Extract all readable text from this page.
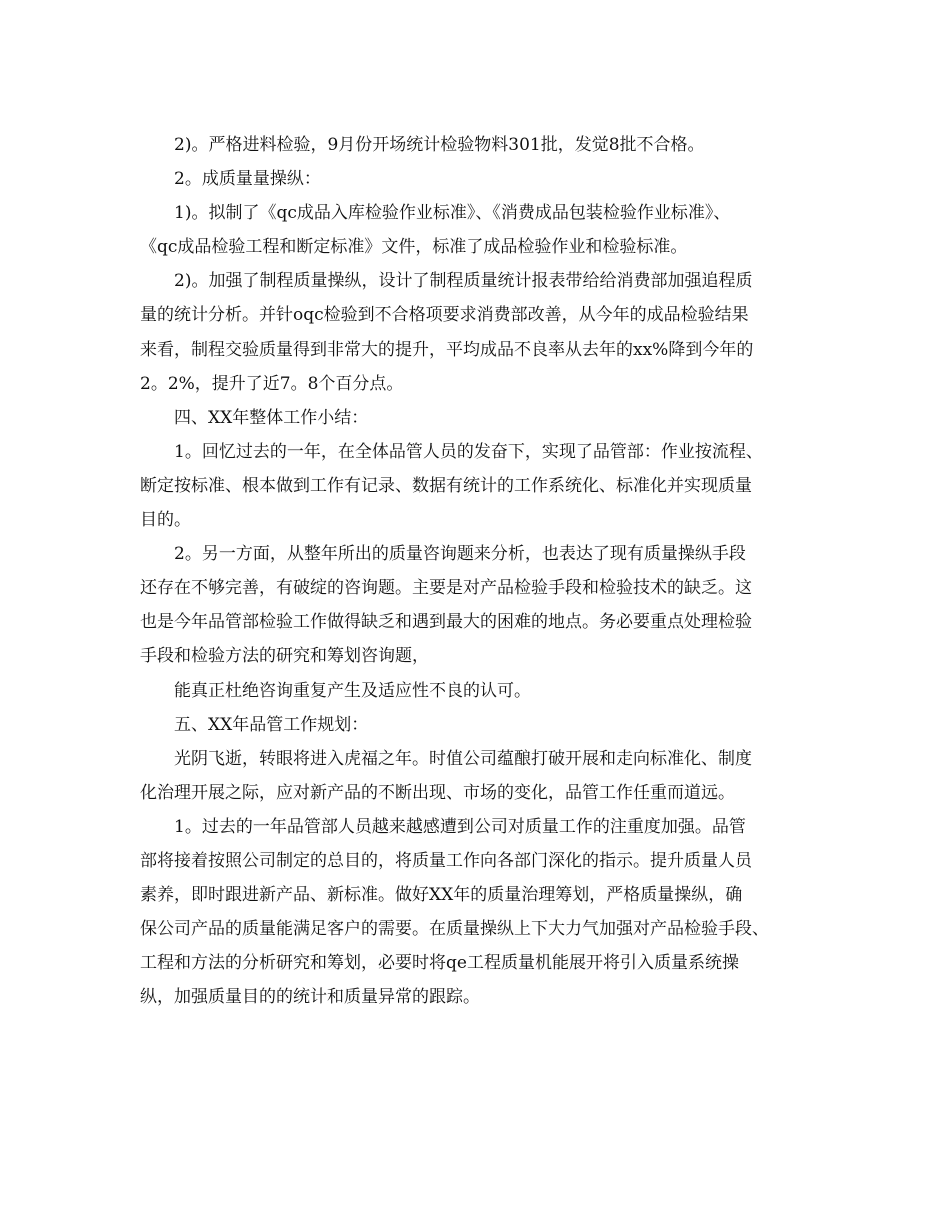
2)。严格进料检验，9月份开场统计检验物料301批，发觉8批不合格。
2。成质量量操纵：
1)。拟制了《qc成品入库检验作业标准》、《消费成品包装检验作业标准》、
《qc成品检验工程和断定标准》文件，标准了成品检验作业和检验标准。
2)。加强了制程质量操纵，设计了制程质量统计报表带给给消费部加强追程质
量的统计分析。并针oqc检验到不合格项要求消费部改善，从今年的成品检验结果
来看，制程交验质量得到非常大的提升，平均成品不良率从去年的xx%降到今年的
2。2%，提升了近7。8个百分点。
四、XX年整体工作小结：
1。回忆过去的一年，在全体品管人员的发奋下，实现了品管部：作业按流程、
断定按标准、根本做到工作有记录、数据有统计的工作系统化、标准化并实现质量
目的。
2。另一方面，从整年所出的质量咨询题来分析，也表达了现有质量操纵手段
还存在不够完善，有破绽的咨询题。主要是对产品检验手段和检验技术的缺乏。这
也是今年品管部检验工作做得缺乏和遇到最大的困难的地点。务必要重点处理检验
手段和检验方法的研究和筹划咨询题，
能真正杜绝咨询重复产生及适应性不良的认可。
五、XX年品管工作规划：
光阴飞逝，转眼将进入虎福之年。时值公司蕴酿打破开展和走向标准化、制度
化治理开展之际，应对新产品的不断出现、市场的变化，品管工作任重而道远。
1。过去的一年品管部人员越来越感遭到公司对质量工作的注重度加强。品管
部将接着按照公司制定的总目的，将质量工作向各部门深化的指示。提升质量人员
素养，即时跟进新产品、新标准。做好XX年的质量治理筹划，严格质量操纵，确
保公司产品的质量能满足客户的需要。在质量操纵上下大力气加强对产品检验手段、
工程和方法的分析研究和筹划，必要时将qe工程质量机能展开将引入质量系统操
纵，加强质量目的的统计和质量异常的跟踪。
